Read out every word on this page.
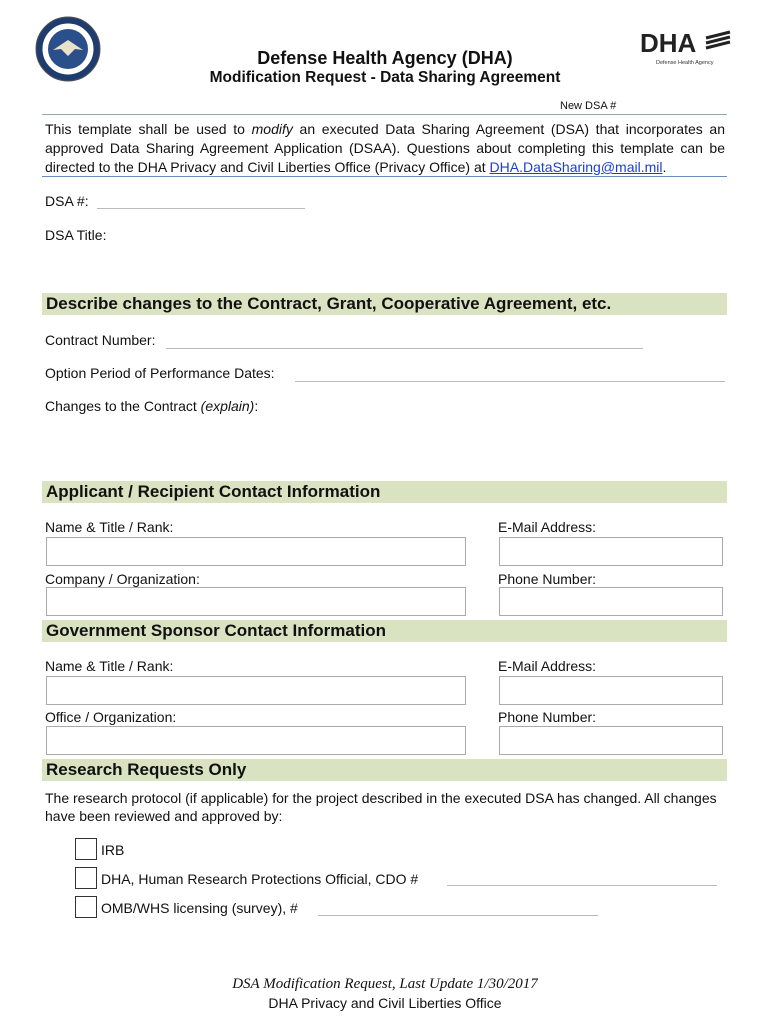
DHA
Defense Health Agency
Defense Health Agency (DHA)
Modification Request - Data Sharing Agreement
New DSA #
This template shall be used to modify an executed Data Sharing Agreement (DSA) that incorporates an approved Data Sharing Agreement Application (DSAA). Questions about completing this template can be directed to the DHA Privacy and Civil Liberties Office (Privacy Office) at DHA.DataSharing@mail.mil.
DSA #:
DSA Title:
Describe changes to the Contract, Grant, Cooperative Agreement, etc.
Contract Number:
Option Period of Performance Dates:
Changes to the Contract (explain):
Applicant / Recipient Contact Information
Name & Title / Rank:	E-Mail Address:
Company / Organization:	Phone Number:
Government Sponsor Contact Information
Name & Title / Rank:	E-Mail Address:
Office / Organization:	Phone Number:
Research Requests Only
The research protocol (if applicable) for the project described in the executed DSA has changed. All changes have been reviewed and approved by:
IRB
DHA, Human Research Protections Official, CDO #
OMB/WHS licensing (survey), #
DSA Modification Request, Last Update 1/30/2017
DHA Privacy and Civil Liberties Office
